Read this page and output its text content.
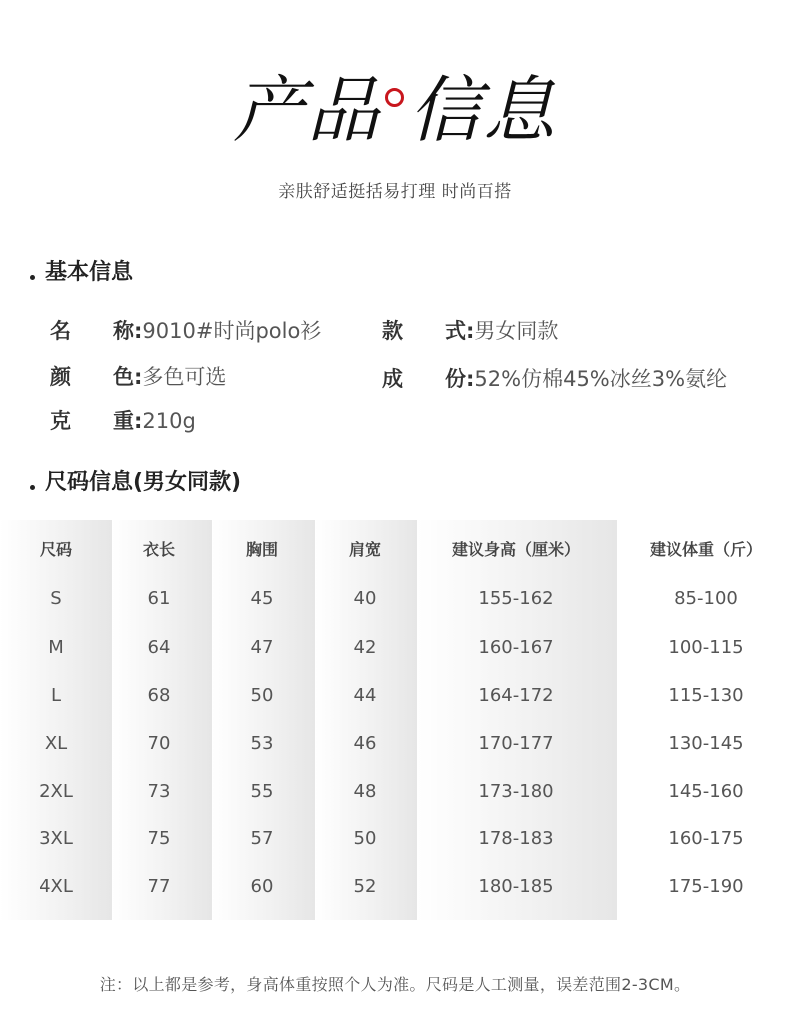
产品 信息
亲肤舒适挺括易打理 时尚百搭
基本信息
名称:9010#时尚polo衫	款式:男女同款
颜色:多色可选	成份:52%仿棉45%冰丝3%氨纶
克重:210g
尺码信息(男女同款)
尺码	衣长	胸围	肩宽	建议身高（厘米）	建议体重（斤）
S	61	45	40	155-162	85-100
M	64	47	42	160-167	100-115
L	68	50	44	164-172	115-130
XL	70	53	46	170-177	130-145
2XL	73	55	48	173-180	145-160
3XL	75	57	50	178-183	160-175
4XL	77	60	52	180-185	175-190
注：以上都是参考，身高体重按照个人为准。尺码是人工测量，误差范围2-3CM。
